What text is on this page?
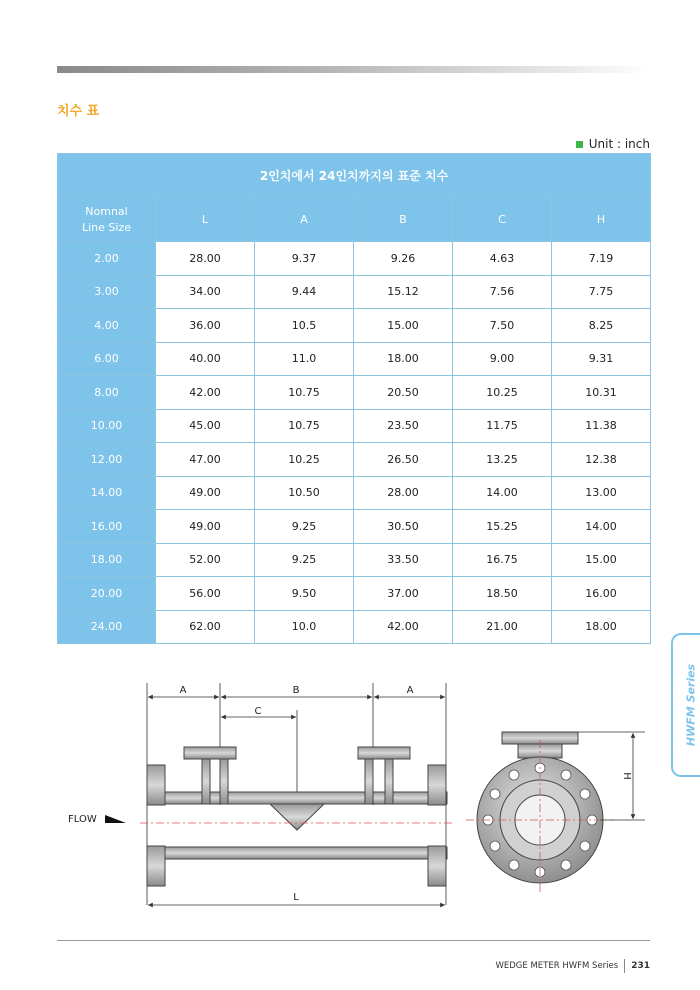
치수 표
Unit : inch
2인치에서 24인치까지의 표준 치수					
Nomnal
Line Size	L	A	B	C	H
2.00	28.00	9.37	9.26	4.63	7.19
3.00	34.00	9.44	15.12	7.56	7.75
4.00	36.00	10.5	15.00	7.50	8.25
6.00	40.00	11.0	18.00	9.00	9.31
8.00	42.00	10.75	20.50	10.25	10.31
10.00	45.00	10.75	23.50	11.75	11.38
12.00	47.00	10.25	26.50	13.25	12.38
14.00	49.00	10.50	28.00	14.00	13.00
16.00	49.00	9.25	30.50	15.25	14.00
18.00	52.00	9.25	33.50	16.75	15.00
20.00	56.00	9.50	37.00	18.50	16.00
24.00	62.00	10.0	42.00	21.00	18.00
HWFM Series
A	B	A
C
L
FLOW
H
WEDGE METER HWFM Series 231
